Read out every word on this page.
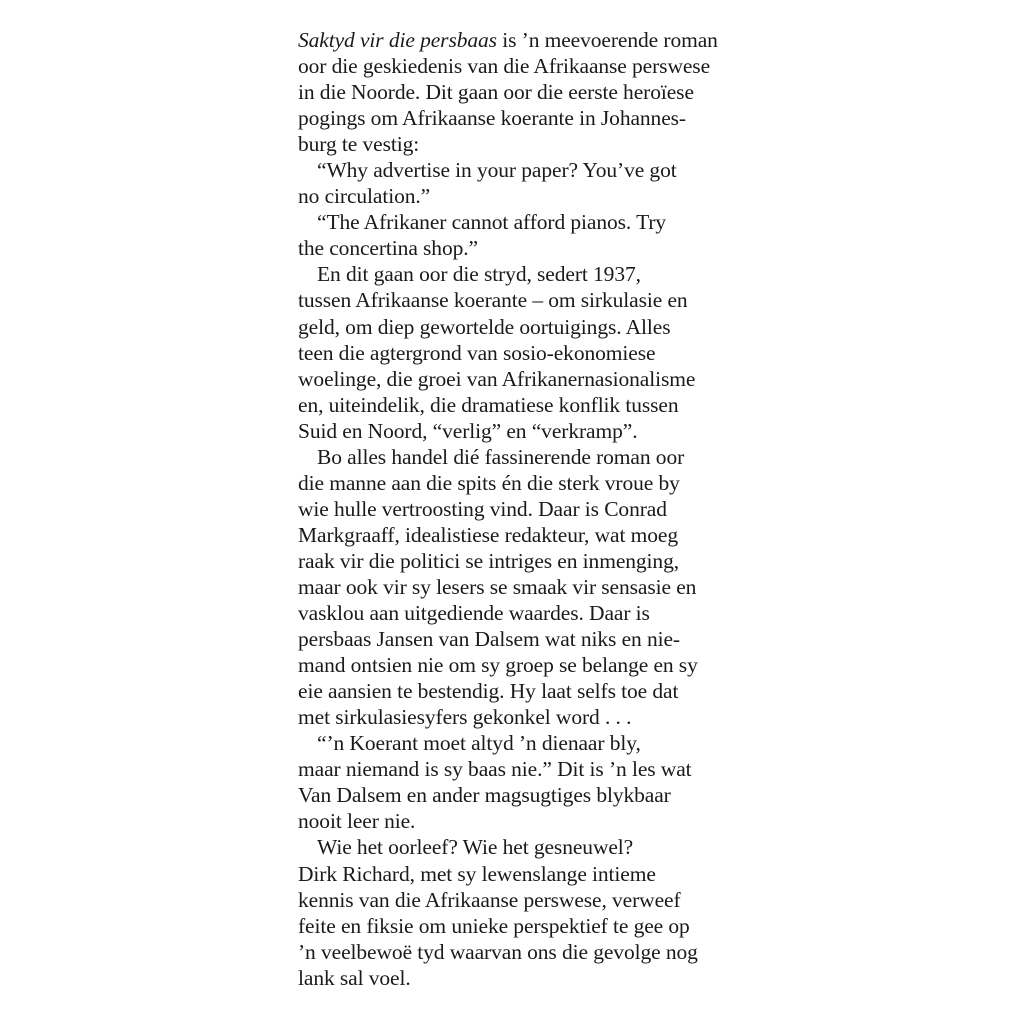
Saktyd vir die persbaas is ’n meevoerende roman
oor die geskiedenis van die Afrikaanse perswese
in die Noorde. Dit gaan oor die eerste heroïese
pogings om Afrikaanse koerante in Johannes-
burg te vestig:
“Why advertise in your paper? You’ve got
no circulation.”
“The Afrikaner cannot afford pianos. Try
the concertina shop.”
En dit gaan oor die stryd, sedert 1937,
tussen Afrikaanse koerante – om sirkulasie en
geld, om diep gewortelde oortuigings. Alles
teen die agtergrond van sosio-ekonomiese
woelinge, die groei van Afrikanernasionalisme
en, uiteindelik, die dramatiese konflik tussen
Suid en Noord, “verlig” en “verkramp”.
Bo alles handel dié fassinerende roman oor
die manne aan die spits én die sterk vroue by
wie hulle vertroosting vind. Daar is Conrad
Markgraaff, idealistiese redakteur, wat moeg
raak vir die politici se intriges en inmenging,
maar ook vir sy lesers se smaak vir sensasie en
vasklou aan uitgediende waardes. Daar is
persbaas Jansen van Dalsem wat niks en nie-
mand ontsien nie om sy groep se belange en sy
eie aansien te bestendig. Hy laat selfs toe dat
met sirkulasiesyfers gekonkel word . . .
“’n Koerant moet altyd ’n dienaar bly,
maar niemand is sy baas nie.” Dit is ’n les wat
Van Dalsem en ander magsugtiges blykbaar
nooit leer nie.
Wie het oorleef? Wie het gesneuwel?
Dirk Richard, met sy lewenslange intieme
kennis van die Afrikaanse perswese, verweef
feite en fiksie om unieke perspektief te gee op
’n veelbewoë tyd waarvan ons die gevolge nog
lank sal voel.
